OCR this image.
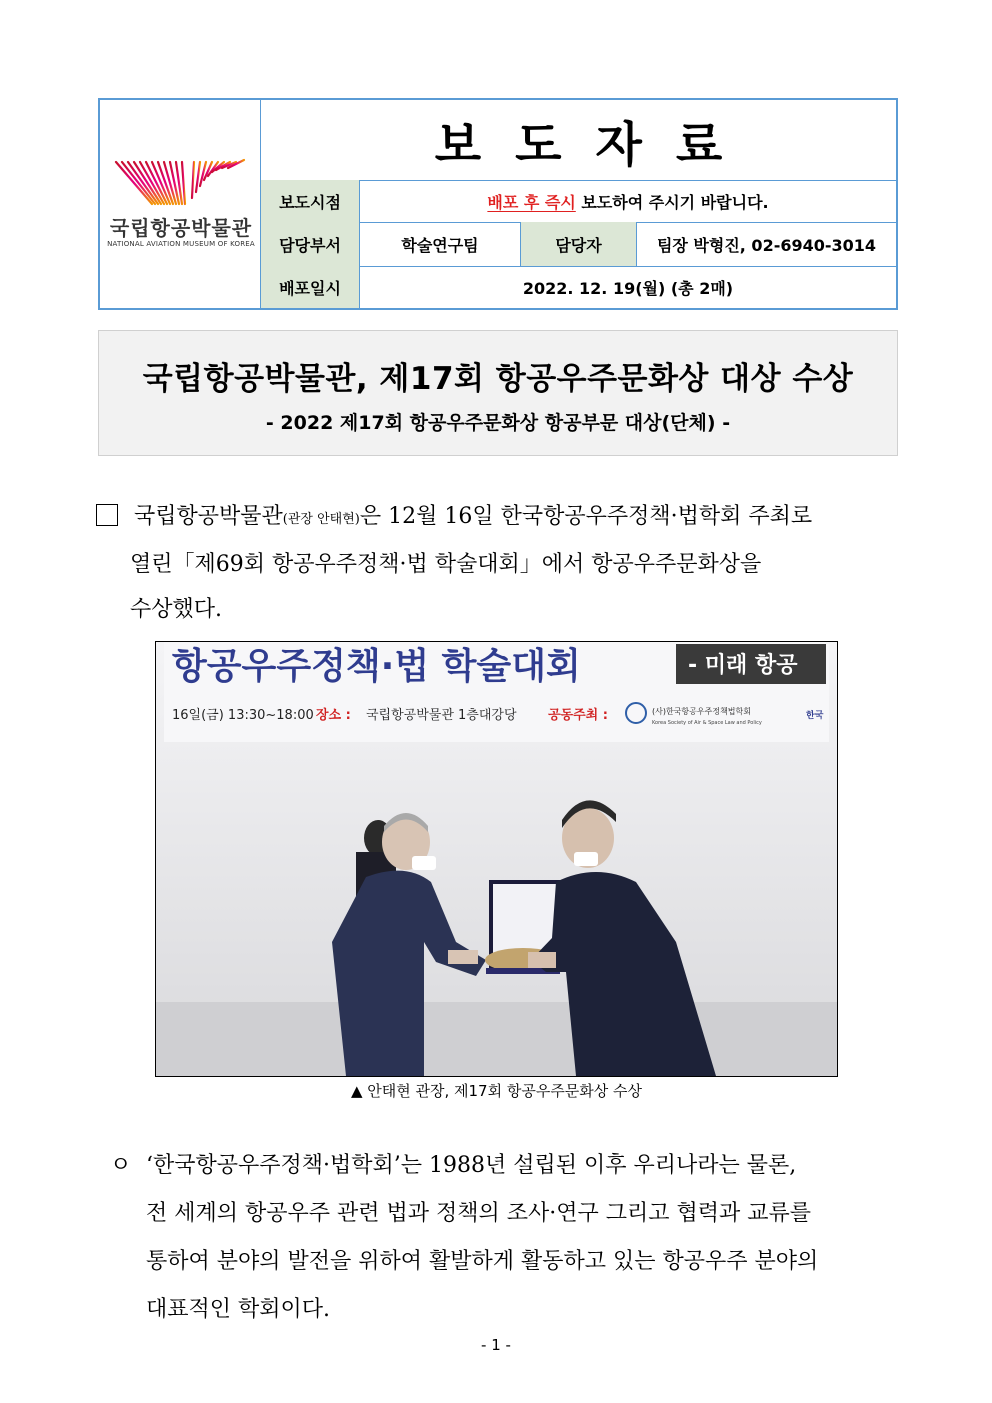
국립항공박물관
NATIONAL AVIATION MUSEUM OF KOREA
보도자료
보도시점	배포 후 즉시 보도하여 주시기 바랍니다.
담당부서	학술연구팀	담당자	팀장 박형진, 02-6940-3014
배포일시	2022. 12. 19(월) (총 2매)
국립항공박물관, 제17회 항공우주문화상 대상 수상
- 2022 제17회 항공우주문화상 항공부문 대상(단체) -
국립항공박물관(관장 안태현)은 12월 16일 한국항공우주정책·법학회 주최로
열린「제69회 항공우주정책·법 학술대회」에서 항공우주문화상을
수상했다.
항공우주정책·법 학술대회	- 미래 항공
16일(금) 13:30~18:00 장소 : 국립항공박물관 1층대강당 공동주최 :	(사)한국항공우주정책법학회
Korea Society of Air & Space Law and Policy
한국
▲ 안태현 관장, 제17회 항공우주문화상 수상
ㅇ ‘한국항공우주정책·법학회’는 1988년 설립된 이후 우리나라는 물론,
전 세계의 항공우주 관련 법과 정책의 조사·연구 그리고 협력과 교류를
통하여 분야의 발전을 위하여 활발하게 활동하고 있는 항공우주 분야의
대표적인 학회이다.
- 1 -
